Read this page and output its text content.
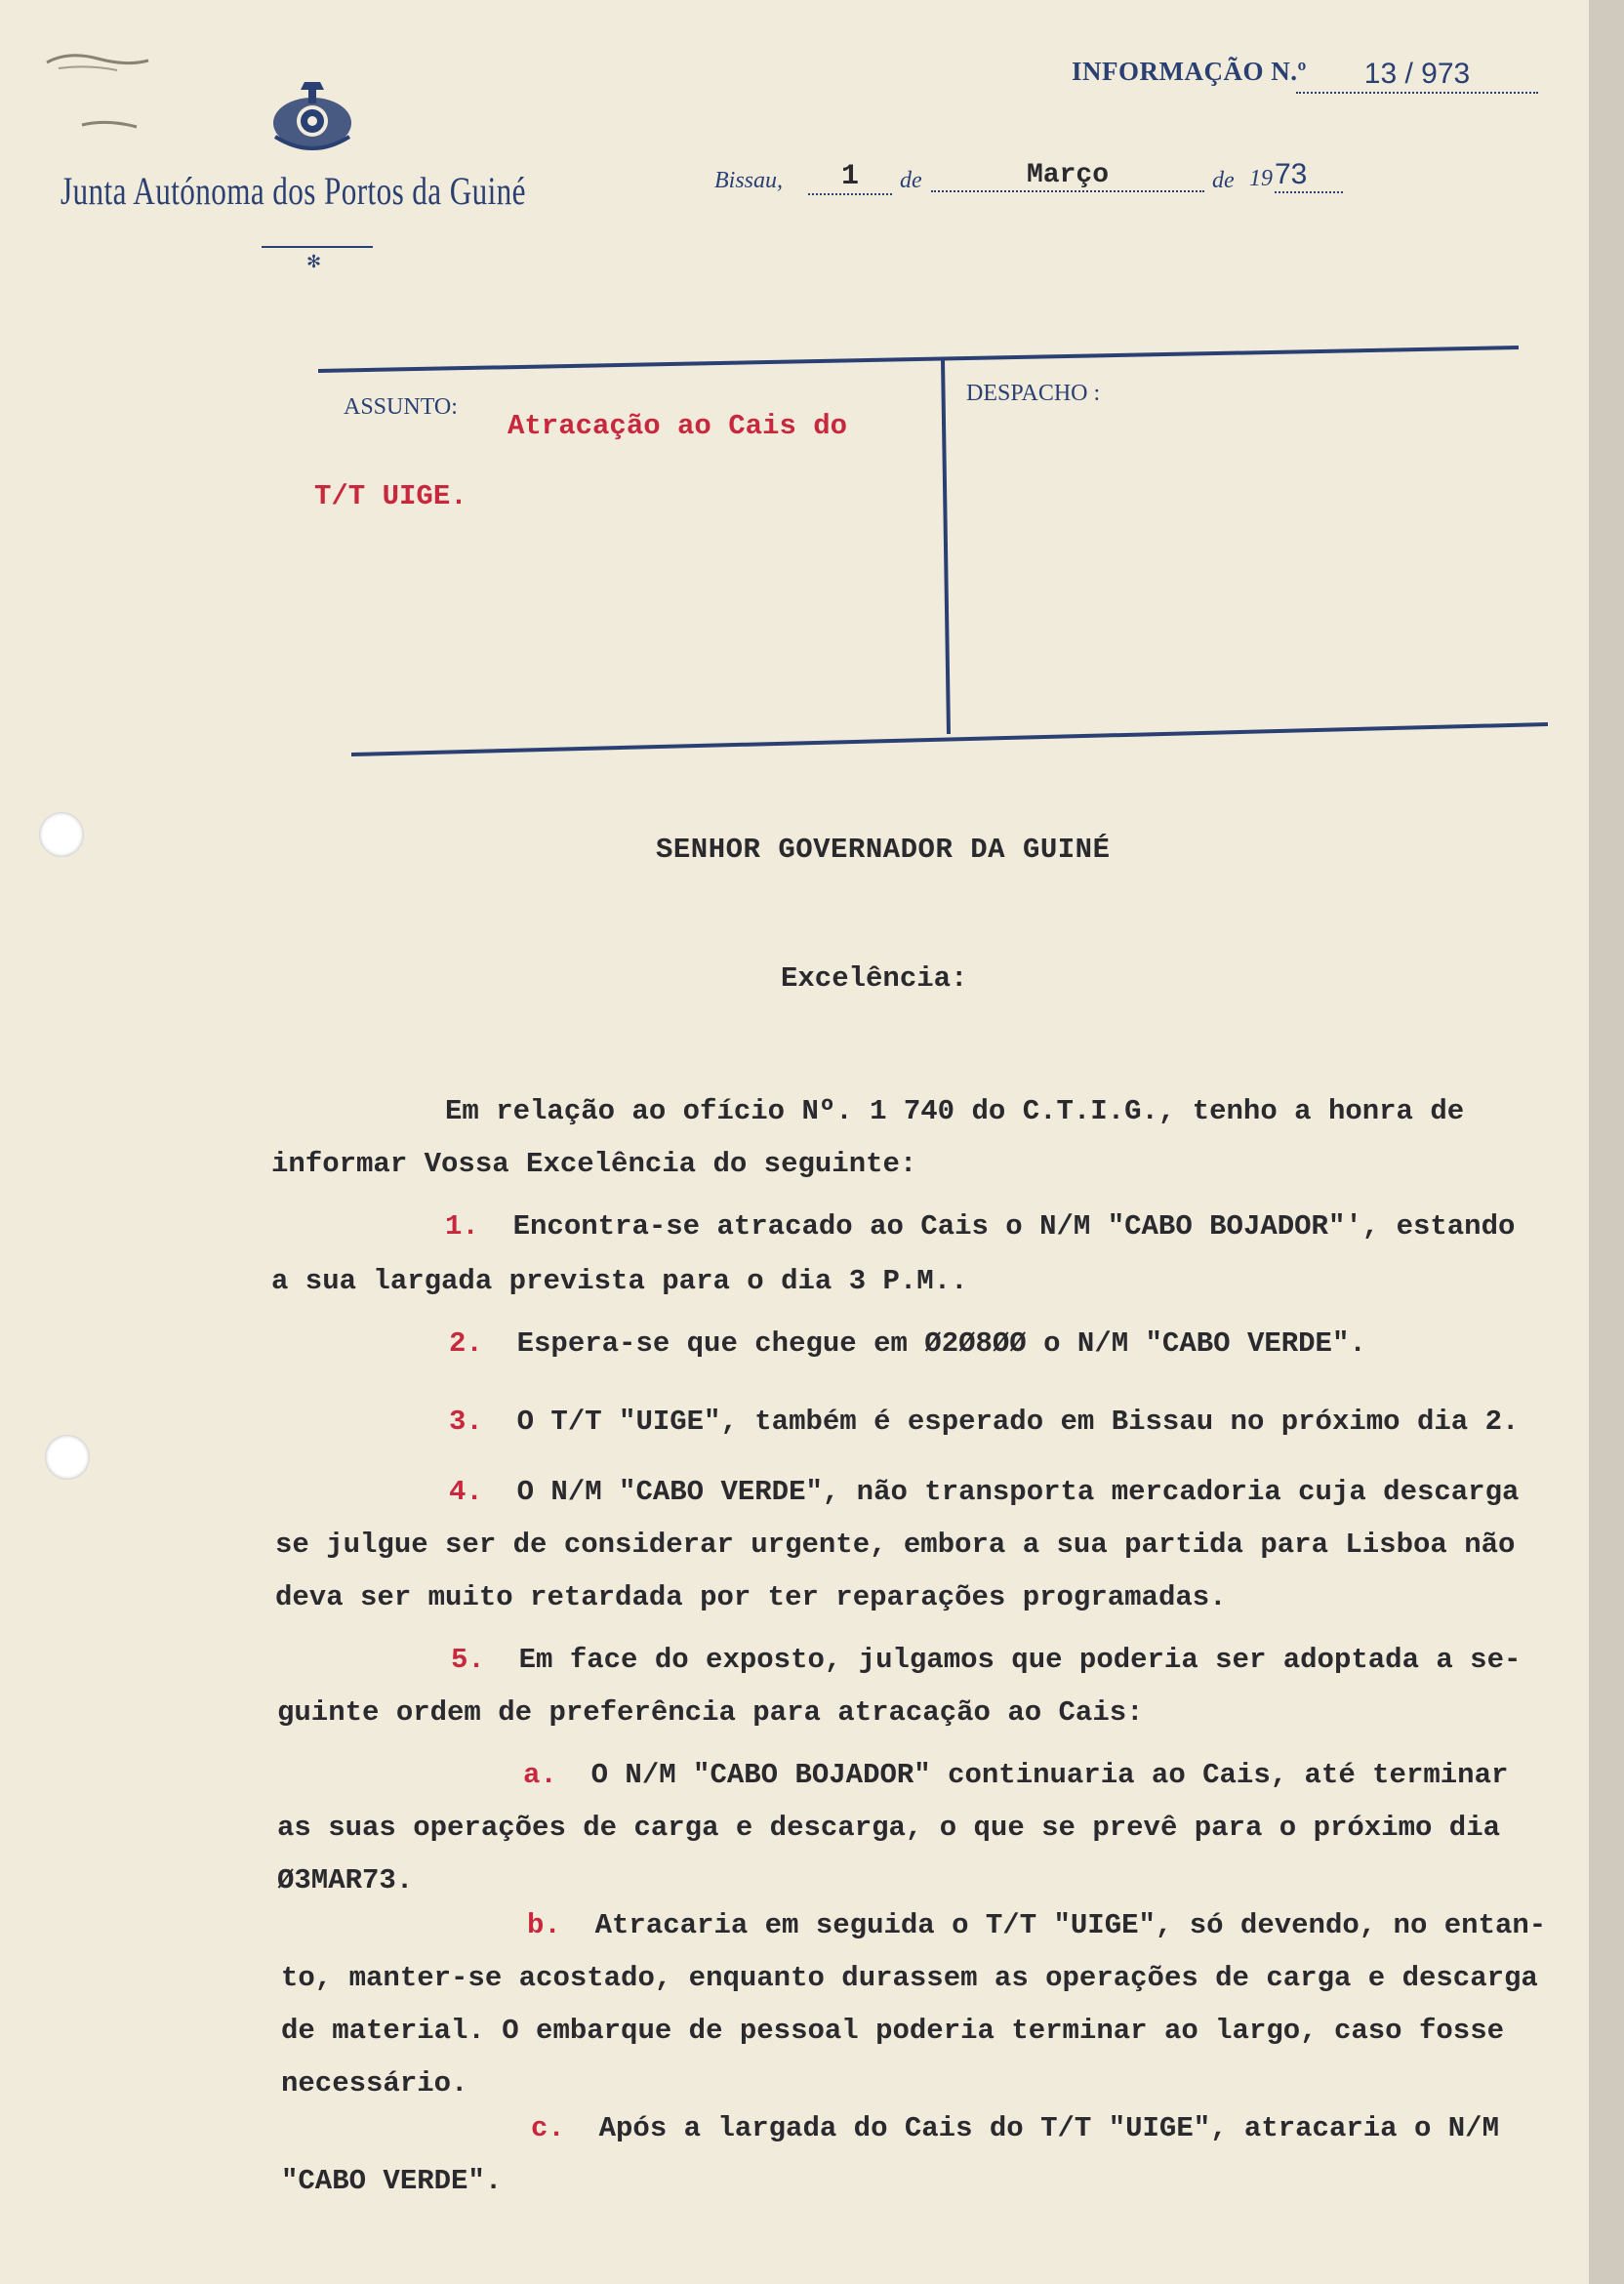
Junta Autónoma dos Portos da Guiné
✻
INFORMAÇÃO N.º	13 / 973
Bissau,	1	de	Março	de 19 73
ASSUNTO:
DESPACHO :
Atracação ao Cais do
T/T UIGE.
SENHOR GOVERNADOR DA GUINÉ
Excelência:
Em relação ao ofício Nº. 1 740 do C.T.I.G., tenho a honra de
informar Vossa Excelência do seguinte:
1. Encontra-se atracado ao Cais o N/M "CABO BOJADOR"', estando
a sua largada prevista para o dia 3 P.M..
2. Espera-se que chegue em Ø2Ø8ØØ o N/M "CABO VERDE".
3. O T/T "UIGE", também é esperado em Bissau no próximo dia 2.
4. O N/M "CABO VERDE", não transporta mercadoria cuja descarga
se julgue ser de considerar urgente, embora a sua partida para Lisboa não
deva ser muito retardada por ter reparações programadas.
5. Em face do exposto, julgamos que poderia ser adoptada a se-
guinte ordem de preferência para atracação ao Cais:
a. O N/M "CABO BOJADOR" continuaria ao Cais, até terminar
as suas operações de carga e descarga, o que se prevê para o próximo dia
Ø3MAR73.
b. Atracaria em seguida o T/T "UIGE", só devendo, no entan-
to, manter-se acostado, enquanto durassem as operações de carga e descarga
de material. O embarque de pessoal poderia terminar ao largo, caso fosse
necessário.
c. Após a largada do Cais do T/T "UIGE", atracaria o N/M
"CABO VERDE".
